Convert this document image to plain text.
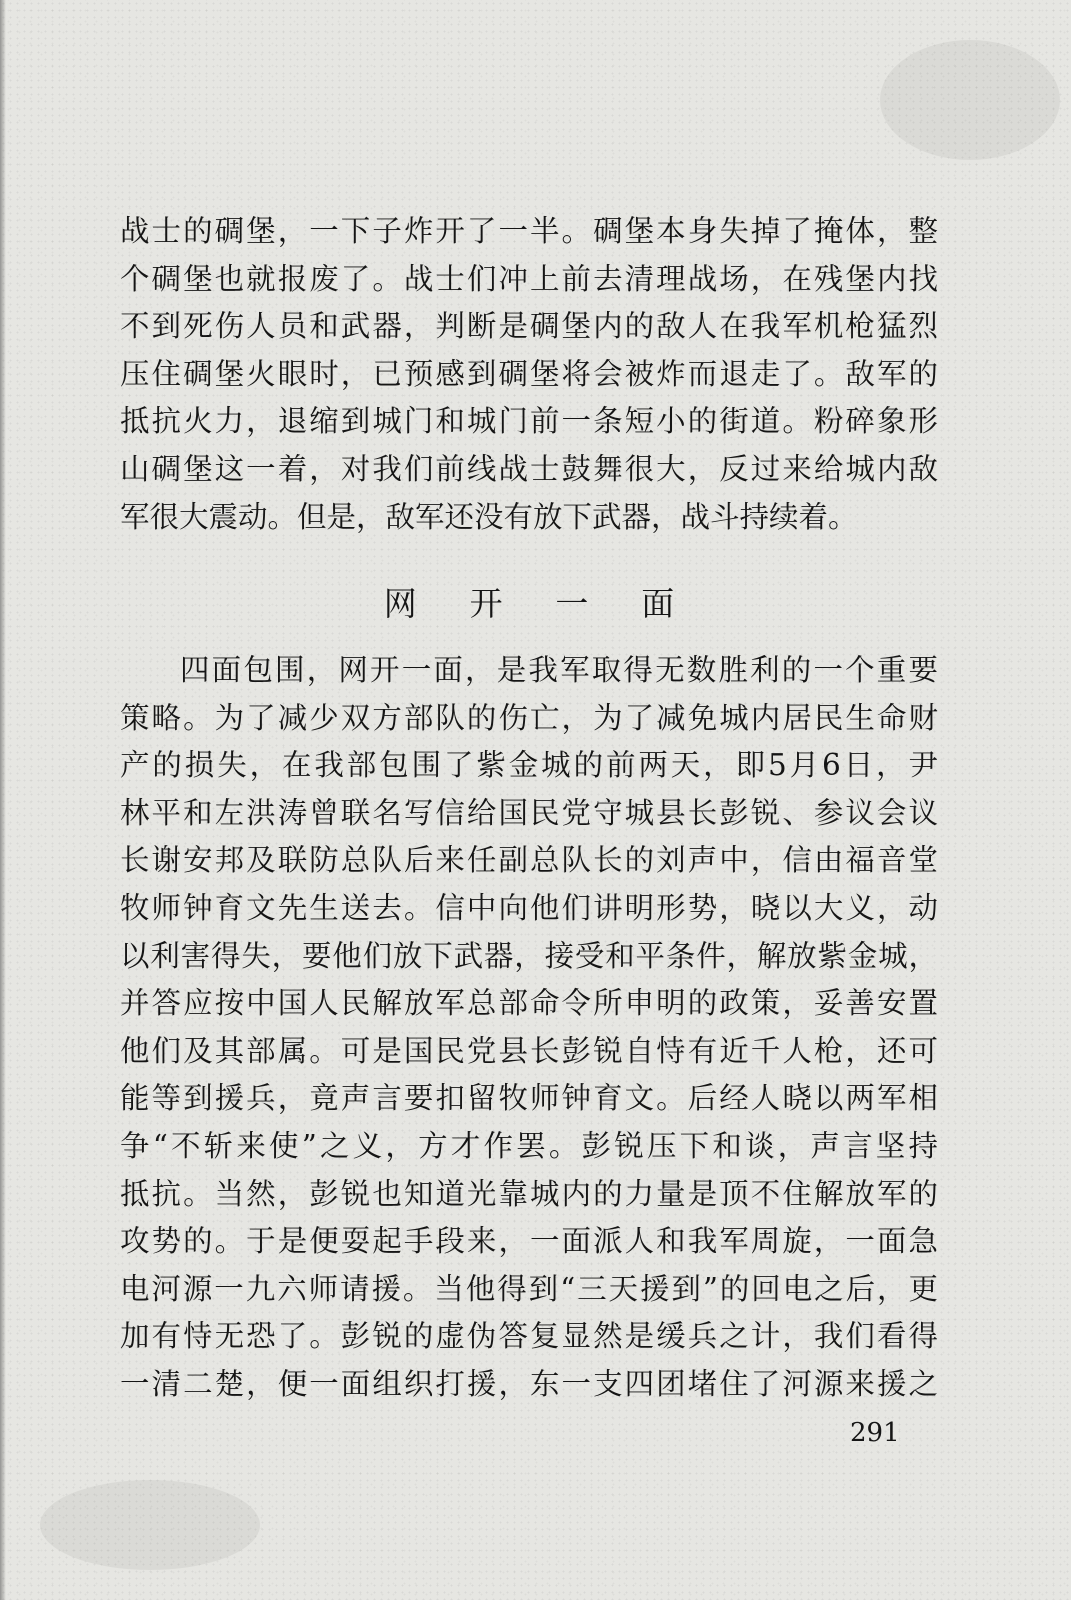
战士的碉堡，一下子炸开了一半。碉堡本身失掉了掩体，整
个碉堡也就报废了。战士们冲上前去清理战场，在残堡内找
不到死伤人员和武器，判断是碉堡内的敌人在我军机枪猛烈
压住碉堡火眼时，已预感到碉堡将会被炸而退走了。敌军的
抵抗火力，退缩到城门和城门前一条短小的街道。粉碎象形
山碉堡这一着，对我们前线战士鼓舞很大，反过来给城内敌
军很大震动。但是，敌军还没有放下武器，战斗持续着。
网开一面
四面包围，网开一面，是我军取得无数胜利的一个重要
策略。为了减少双方部队的伤亡，为了减免城内居民生命财
产的损失，在我部包围了紫金城的前两天，即5月6日，尹
林平和左洪涛曾联名写信给国民党守城县长彭锐、参议会议
长谢安邦及联防总队后来任副总队长的刘声中，信由福音堂
牧师钟育文先生送去。信中向他们讲明形势，晓以大义，动
以利害得失，要他们放下武器，接受和平条件，解放紫金城，
并答应按中国人民解放军总部命令所申明的政策，妥善安置
他们及其部属。可是国民党县长彭锐自恃有近千人枪，还可
能等到援兵，竟声言要扣留牧师钟育文。后经人晓以两军相
争“不斩来使”之义，方才作罢。彭锐压下和谈，声言坚持
抵抗。当然，彭锐也知道光靠城内的力量是顶不住解放军的
攻势的。于是便耍起手段来，一面派人和我军周旋，一面急
电河源一九六师请援。当他得到“三天援到”的回电之后，更
加有恃无恐了。彭锐的虚伪答复显然是缓兵之计，我们看得
一清二楚，便一面组织打援，东一支四团堵住了河源来援之
291
